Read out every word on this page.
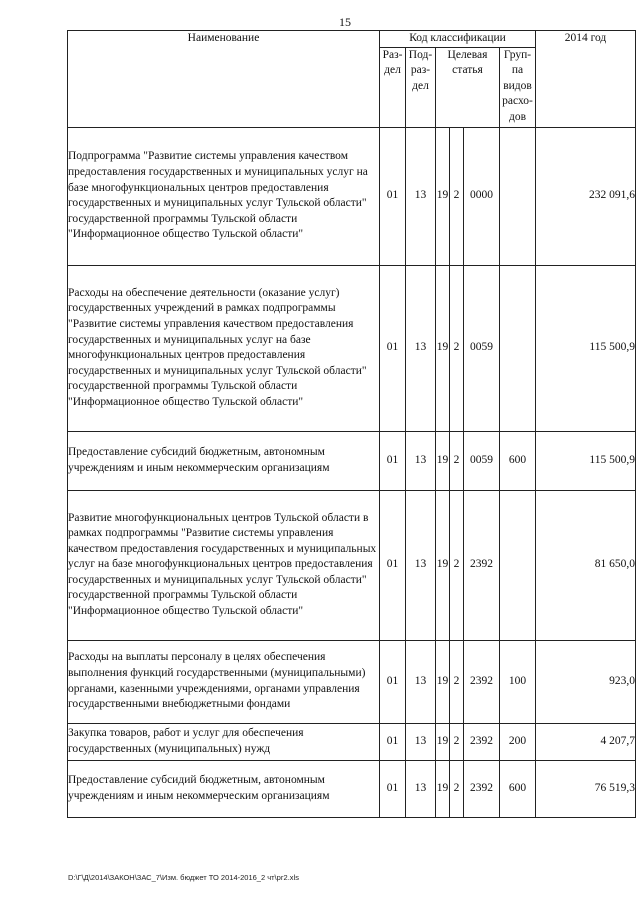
15
Наименование	Код классификации						2014 год
	Раз- дел	Под- раз- дел	Целевая статья			Груп- па видов расхо- дов	
Подпрограмма "Развитие системы управления качеством предоставления государственных и муниципальных услуг на базе многофункциональных центров предоставления государственных и муниципальных услуг Тульской области" государственной программы Тульской области "Информационное общество Тульской области"	01	13	19	2	0000		232 091,6
Расходы на обеспечение деятельности (оказание услуг) государственных учреждений в рамках подпрограммы "Развитие системы управления качеством предоставления государственных и муниципальных услуг на базе многофункциональных центров предоставления государственных и муниципальных услуг Тульской области" государственной программы Тульской области "Информационное общество Тульской области"	01	13	19	2	0059		115 500,9
Предоставление субсидий бюджетным, автономным учреждениям и иным некоммерческим организациям	01	13	19	2	0059	600	115 500,9
Развитие многофункциональных центров Тульской области в рамках подпрограммы "Развитие системы управления качеством предоставления государственных и муниципальных услуг на базе многофункциональных центров предоставления государственных и муниципальных услуг Тульской области" государственной программы Тульской области "Информационное общество Тульской области"	01	13	19	2	2392		81 650,0
Расходы на выплаты персоналу в целях обеспечения выполнения функций государственными (муниципальными) органами, казенными учреждениями, органами управления государственными внебюджетными фондами	01	13	19	2	2392	100	923,0
Закупка товаров, работ и услуг для обеспечения государственных (муниципальных) нужд	01	13	19	2	2392	200	4 207,7
Предоставление субсидий бюджетным, автономным учреждениям и иным некоммерческим организациям	01	13	19	2	2392	600	76 519,3
D:\Г\Д\2014\ЗАКОН\ЗАС_7\Изм. бюджет ТО 2014-2016_2 чт\рг2.xls
